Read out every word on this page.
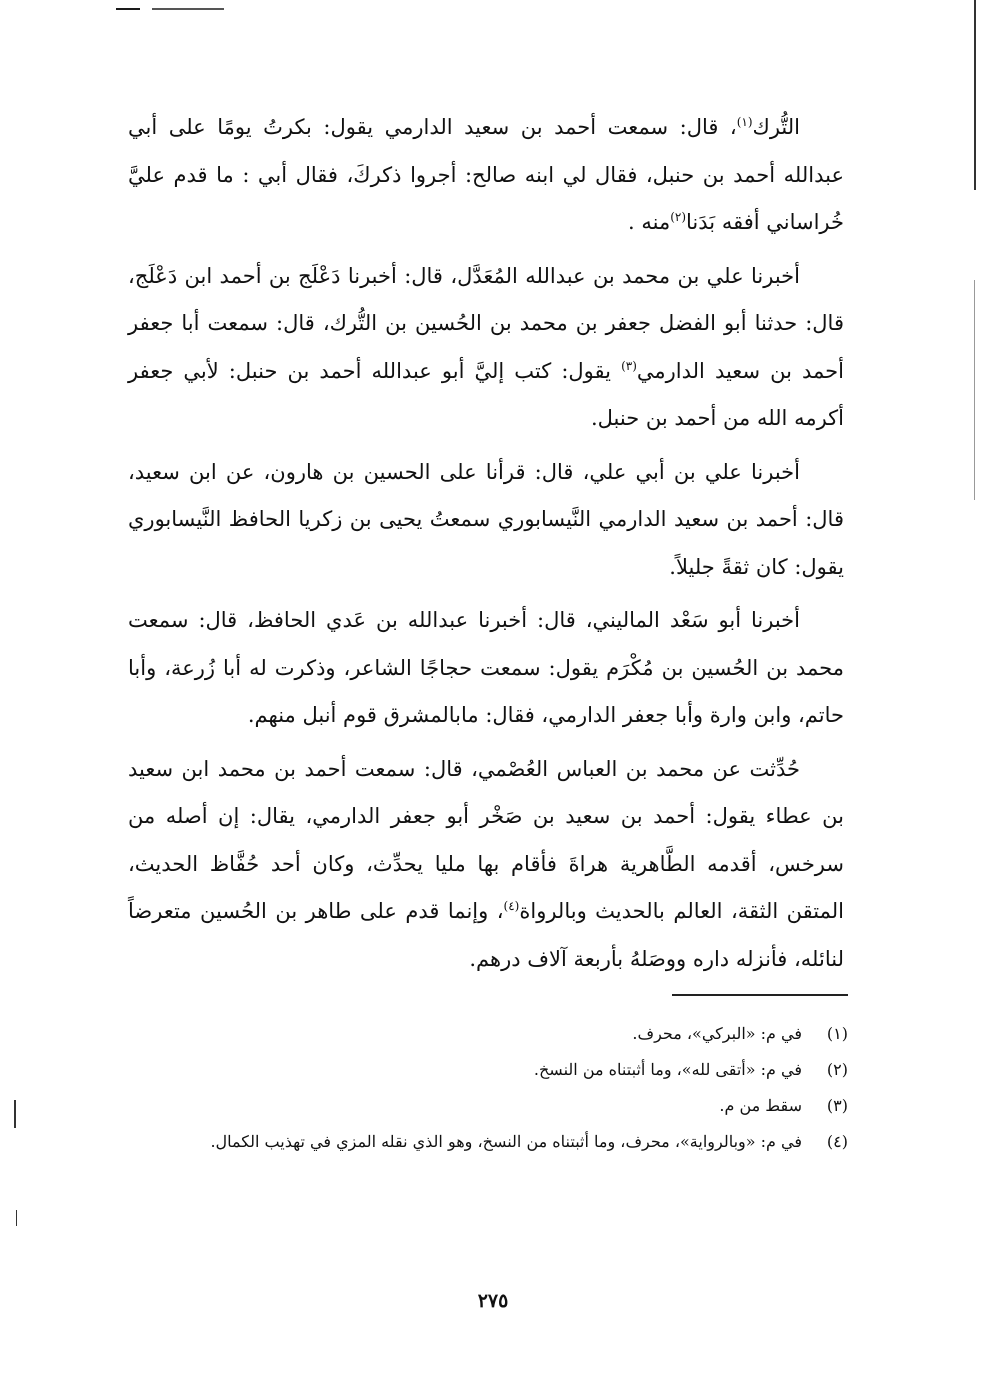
التُّرك$^{(١)}$، قال: سمعت أحمد بن سعيد الدارمي يقول: بكرتُ يومًا على أبي عبدالله أحمد بن حنبل، فقال لي ابنه صالح: أجروا ذكركَ، فقال أبي : ما قدم عليَّ خُراساني أفقه بَدَنا$^{(٢)}$منه .

أخبرنا علي بن محمد بن عبدالله المُعَدَّل، قال: أخبرنا دَعْلَج بن أحمد ابن دَعْلَج، قال: حدثنا أبو الفضل جعفر بن محمد بن الحُسين بن التُّرك، قال: سمعت أبا جعفر أحمد بن سعيد الدارمي$^{(٣)}$ يقول: كتب إليَّ أبو عبدالله أحمد بن حنبل: لأبي جعفر أكرمه الله من أحمد بن حنبل.

أخبرنا علي بن أبي علي، قال: قرأنا على الحسين بن هارون، عن ابن سعيد، قال: أحمد بن سعيد الدارمي النَّيسابوري سمعتُ يحيى بن زكريا الحافظ النَّيسابوري يقول: كان ثقةً جليلاً.

أخبرنا أبو سَعْد الماليني، قال: أخبرنا عبدالله بن عَدي الحافظ، قال: سمعت محمد بن الحُسين بن مُكْرَم يقول: سمعت حجاجًا الشاعر، وذكرت له أبا زُرعة، وأبا حاتم، وابن وارة وأبا جعفر الدارمي، فقال: مابالمشرق قوم أنبل منهم.

حُدِّثت عن محمد بن العباس العُصْمي، قال: سمعت أحمد بن محمد ابن سعيد بن عطاء يقول: أحمد بن سعيد بن صَخْر أبو جعفر الدارمي، يقال: إن أصله من سرخس، أقدمه الطَّاهرية هراةَ فأقام بها مليا يحدِّث، وكان أحد حُفَّاظ الحديث، المتقن الثقة، العالم بالحديث وبالرواة$^{(٤)}$، وإنما قدم على طاهر بن الحُسين متعرضاً لنائله، فأنزله داره ووصَلهُ بأربعة آلاف درهم.

(١)
في م: «البركي»، محرف.
(٢)
في م: «أتقى لله»، وما أثبتناه من النسخ.
(٣)
سقط من م.
(٤)
في م: «وبالرواية»، محرف، وما أثبتناه من النسخ، وهو الذي نقله المزي في تهذيب الكمال.
٢٧٥
